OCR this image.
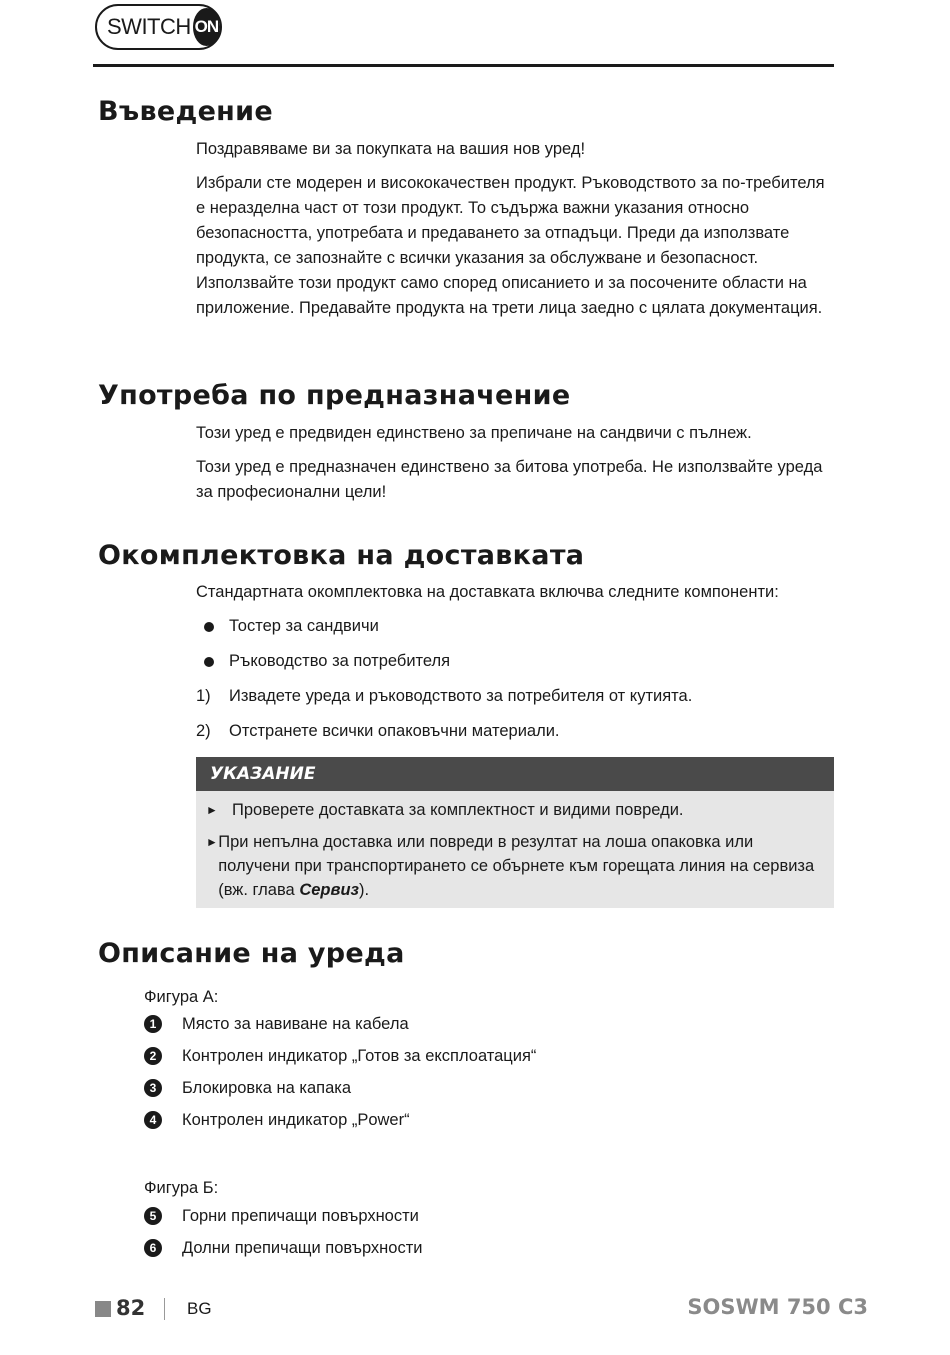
SWITCH ON
Въведение

Поздравяваме ви за покупката на вашия нов уред!

Избрали сте модерен и висококачествен продукт. Ръководството за по-требителя е неразделна част от този продукт. То съдържа важни указания относно безопасността, употребата и предаването за отпадъци. Преди да използвате продукта, се запознайте с всички указания за обслужване и безопасност. Използвайте този продукт само според описанието и за посочените области на приложение. Предавайте продукта на трети лица заедно с цялата документация.

Употреба по предназначение

Този уред е предвиден единствено за препичане на сандвичи с пълнеж.

Този уред е предназначен единствено за битова употреба. Не използвайте уреда за професионални цели!

Окомплектовка на доставката

Стандартната окомплектовка на доставката включва следните компоненти:

Тостер за сандвичи
Ръководство за потребителя
1)	Извадете уреда и ръководството за потребителя от кутията.
2)	Отстранете всички опаковъчни материали.
УКАЗАНИЕ
► Проверете доставката за комплектност и видими повреди.
► При непълна доставка или повреди в резултат на лоша опаковка или получени при транспортирането се обърнете към горещата линия на сервиза (вж. глава Сервиз).
Описание на уреда
Фигура А:
1	Място за навиване на кабела
2	Контролен индикатор „Готов за експлоатация“
3	Блокировка на капака
4	Контролен индикатор „Power“
Фигура Б:
5	Горни препичащи повърхности
6	Долни препичащи повърхности
82 BG	SOSWM 750 C3
